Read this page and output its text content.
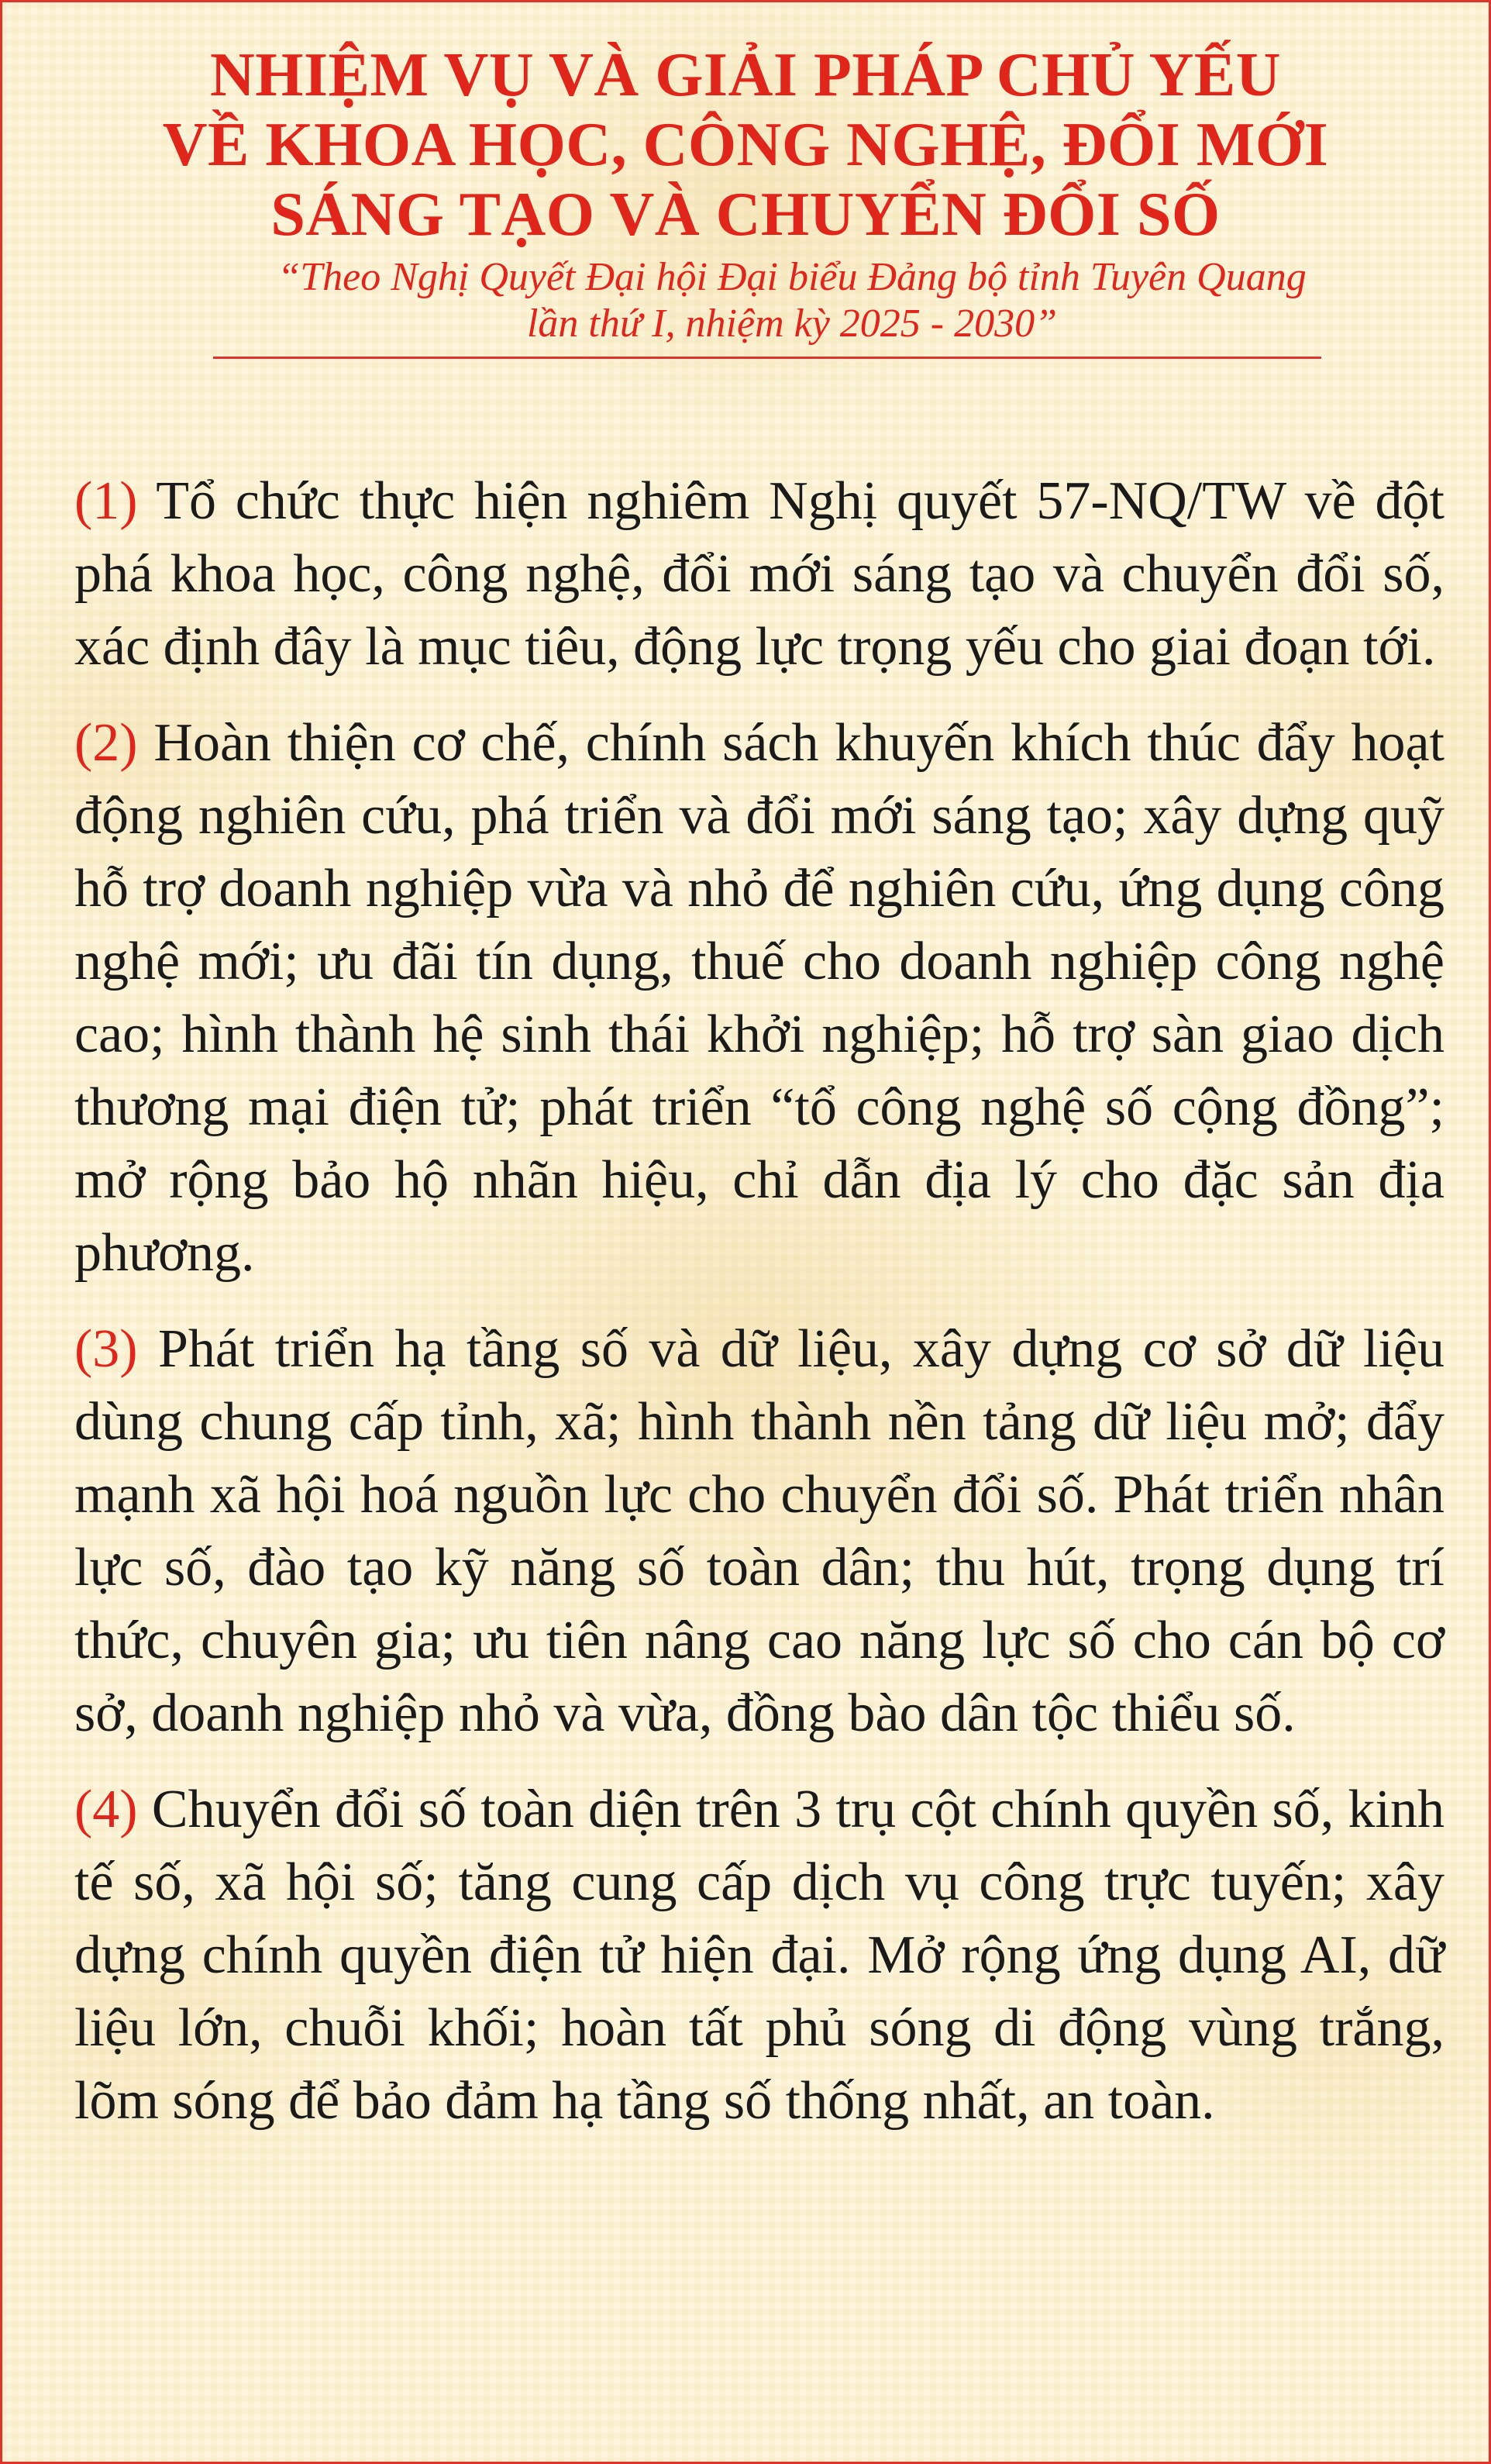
NHIỆM VỤ VÀ GIẢI PHÁP CHỦ YẾU
VỀ KHOA HỌC, CÔNG NGHỆ, ĐỔI MỚI
SÁNG TẠO VÀ CHUYỂN ĐỔI SỐ
“Theo Nghị Quyết Đại hội Đại biểu Đảng bộ tỉnh Tuyên Quang
lần thứ I, nhiệm kỳ 2025 - 2030”

(1) Tổ chức thực hiện nghiêm Nghị quyết 57-NQ/TW về đột phá khoa học, công nghệ, đổi mới sáng tạo và chuyển đổi số, xác định đây là mục tiêu, động lực trọng yếu cho giai đoạn tới.

(2) Hoàn thiện cơ chế, chính sách khuyến khích thúc đẩy hoạt động nghiên cứu, phá triển và đổi mới sáng tạo; xây dựng quỹ hỗ trợ doanh nghiệp vừa và nhỏ để nghiên cứu, ứng dụng công nghệ mới; ưu đãi tín dụng, thuế cho doanh nghiệp công nghệ cao; hình thành hệ sinh thái khởi nghiệp; hỗ trợ sàn giao dịch thương mại điện tử; phát triển “tổ công nghệ số cộng đồng”; mở rộng bảo hộ nhãn hiệu, chỉ dẫn địa lý cho đặc sản địa phương.

(3) Phát triển hạ tầng số và dữ liệu, xây dựng cơ sở dữ liệu dùng chung cấp tỉnh, xã; hình thành nền tảng dữ liệu mở; đẩy mạnh xã hội hoá nguồn lực cho chuyển đổi số. Phát triển nhân lực số, đào tạo kỹ năng số toàn dân; thu hút, trọng dụng trí thức, chuyên gia; ưu tiên nâng cao năng lực số cho cán bộ cơ sở, doanh nghiệp nhỏ và vừa, đồng bào dân tộc thiểu số.

(4) Chuyển đổi số toàn diện trên 3 trụ cột chính quyền số, kinh tế số, xã hội số; tăng cung cấp dịch vụ công trực tuyến; xây dựng chính quyền điện tử hiện đại. Mở rộng ứng dụng AI, dữ liệu lớn, chuỗi khối; hoàn tất phủ sóng di động vùng trắng, lõm sóng để bảo đảm hạ tầng số thống nhất, an toàn.
